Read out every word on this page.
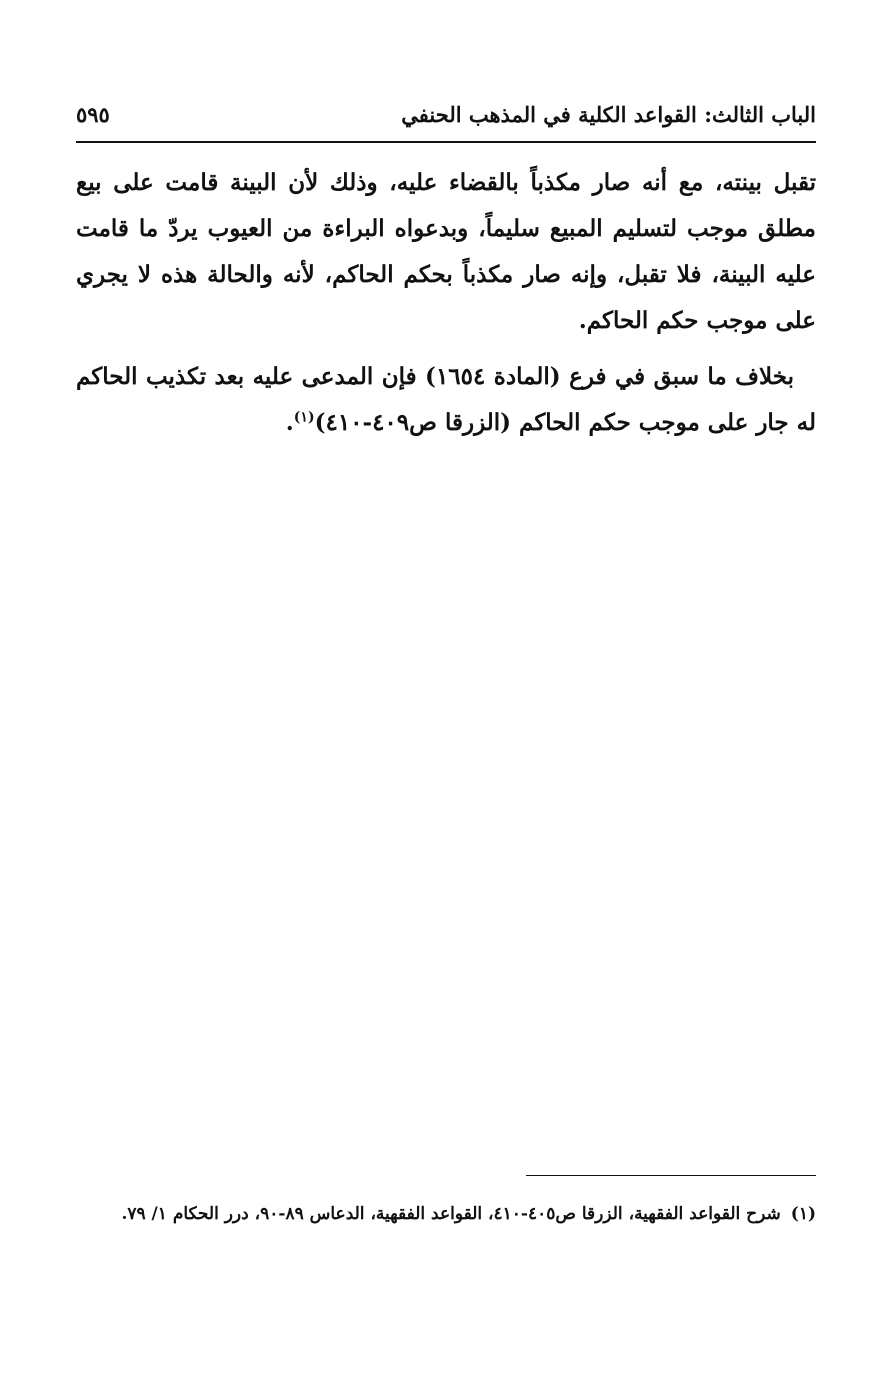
الباب الثالث: القواعد الكلية في المذهب الحنفي
٥٩٥

تقبل بينته، مع أنه صار مكذباً بالقضاء عليه، وذلك لأن البينة قامت على بيع مطلق موجب لتسليم المبيع سليماً، وبدعواه البراءة من العيوب يردّ ما قامت عليه البينة، فلا تقبل، وإنه صار مكذباً بحكم الحاكم، لأنه والحالة هذه لا يجري على موجب حكم الحاكم.

بخلاف ما سبق في فرع (المادة ١٦٥٤) فإن المدعى عليه بعد تكذيب الحاكم له جار على موجب حكم الحاكم (الزرقا ص٤٠٩-٤١٠)$^{(١)}$.

(١)شرح القواعد الفقهية، الزرقا ص٤٠٥-٤١٠، القواعد الفقهية، الدعاس ٨٩-٩٠، درر الحكام ١/ ٧٩.
